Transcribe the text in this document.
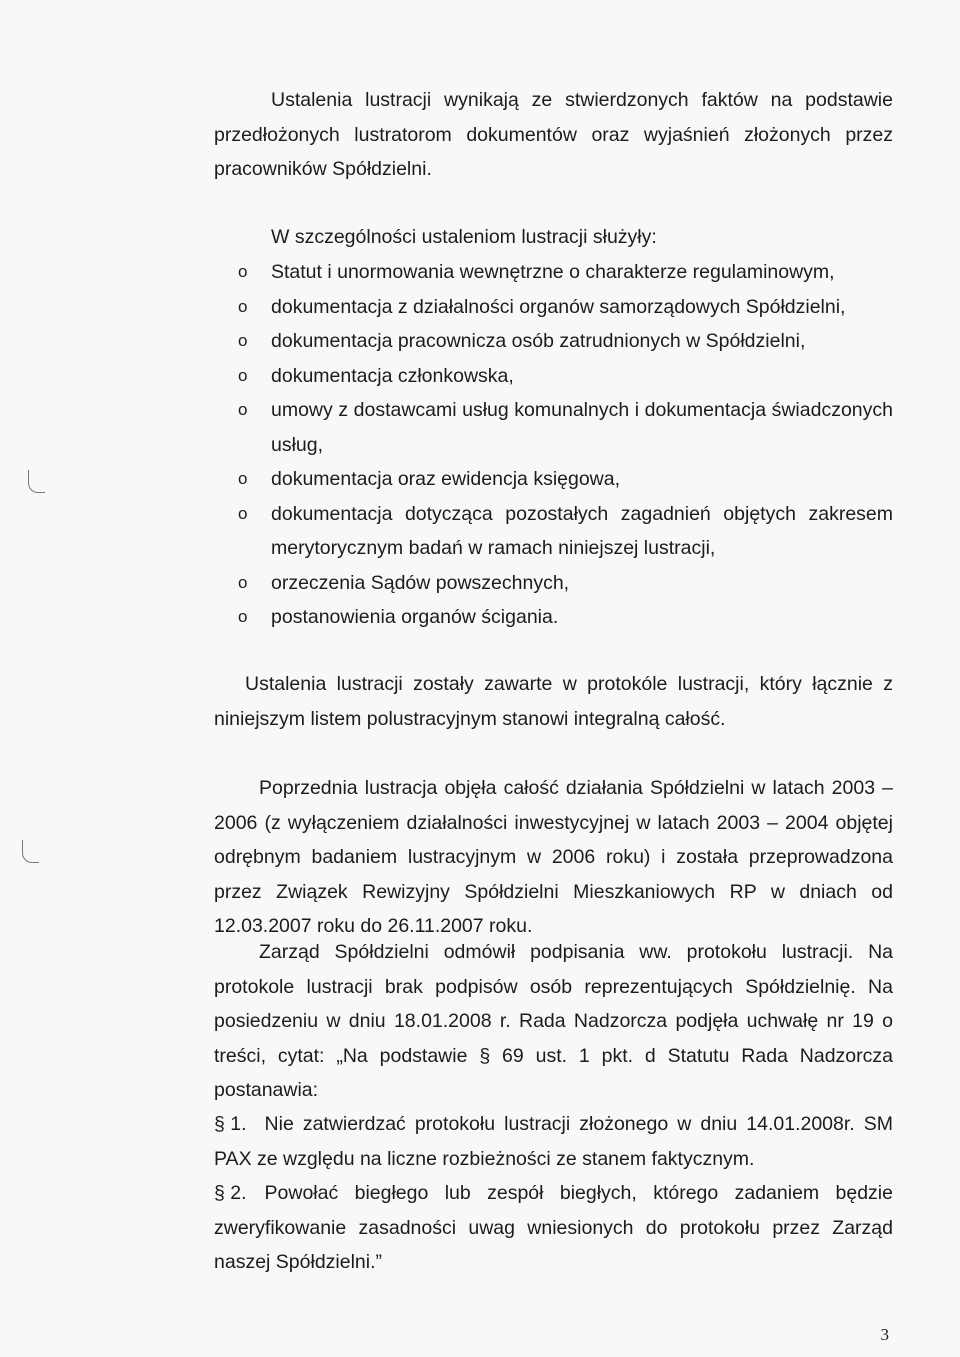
Ustalenia lustracji wynikają ze stwierdzonych faktów na podstawie przedłożonych lustratorom dokumentów oraz wyjaśnień złożonych przez pracowników Spółdzielni.

W szczególności ustaleniom lustracji służyły:

o Statut i unormowania wewnętrzne o charakterze regulaminowym,
o dokumentacja z działalności organów samorządowych Spółdzielni,
o dokumentacja pracownicza osób zatrudnionych w Spółdzielni,
o dokumentacja członkowska,
o umowy z dostawcami usług komunalnych i dokumentacja świadczonych usług,
o dokumentacja oraz ewidencja księgowa,
o dokumentacja dotycząca pozostałych zagadnień objętych zakresem merytorycznym badań w ramach niniejszej lustracji,
o orzeczenia Sądów powszechnych,
o postanowienia organów ścigania.

Ustalenia lustracji zostały zawarte w protokóle lustracji, który łącznie z niniejszym listem polustracyjnym stanowi integralną całość.

Poprzednia lustracja objęła całość działania Spółdzielni w latach 2003 – 2006 (z wyłączeniem działalności inwestycyjnej w latach 2003 – 2004 objętej odrębnym badaniem lustracyjnym w 2006 roku) i została przeprowadzona przez Związek Rewizyjny Spółdzielni Mieszkaniowych RP w dniach od 12.03.2007 roku do 26.11.2007 roku.

Zarząd Spółdzielni odmówił podpisania ww. protokołu lustracji. Na protokole lustracji brak podpisów osób reprezentujących Spółdzielnię. Na posiedzeniu w dniu 18.01.2008 r. Rada Nadzorcza podjęła uchwałę nr 19 o treści, cytat: „Na podstawie § 69 ust. 1 pkt. d Statutu Rada Nadzorcza postanawia:

§ 1. Nie zatwierdzać protokołu lustracji złożonego w dniu 14.01.2008r. SM PAX ze względu na liczne rozbieżności ze stanem faktycznym.

§ 2. Powołać biegłego lub zespół biegłych, którego zadaniem będzie zweryfikowanie zasadności uwag wniesionych do protokołu przez Zarząd naszej Spółdzielni.”

3
